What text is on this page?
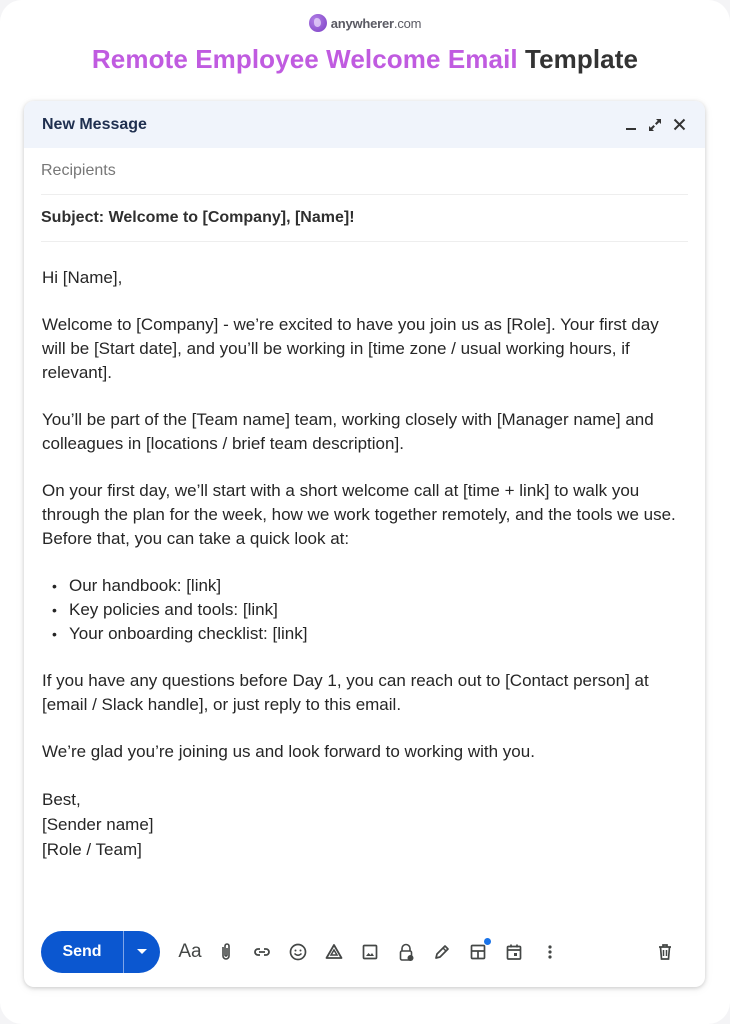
anywherer.com
Remote Employee Welcome Email Template
New Message
Recipients
Subject: Welcome to [Company], [Name]!

Hi [Name],

Welcome to [Company] - we’re excited to have you join us as [Role]. Your first day will be [Start date], and you’ll be working in [time zone / usual working hours, if relevant].

You’ll be part of the [Team name] team, working closely with [Manager name] and colleagues in [locations / brief team description].

On your first day, we’ll start with a short welcome call at [time + link] to walk you through the plan for the week, how we work together remotely, and the tools we use. Before that, you can take a quick look at:

• Our handbook: [link]
• Key policies and tools: [link]
• Your onboarding checklist: [link]

If you have any questions before Day 1, you can reach out to [Contact person] at [email / Slack handle], or just reply to this email.

We’re glad you’re joining us and look forward to working with you.

Best,
[Sender name]
[Role / Team]
Send	Aa
